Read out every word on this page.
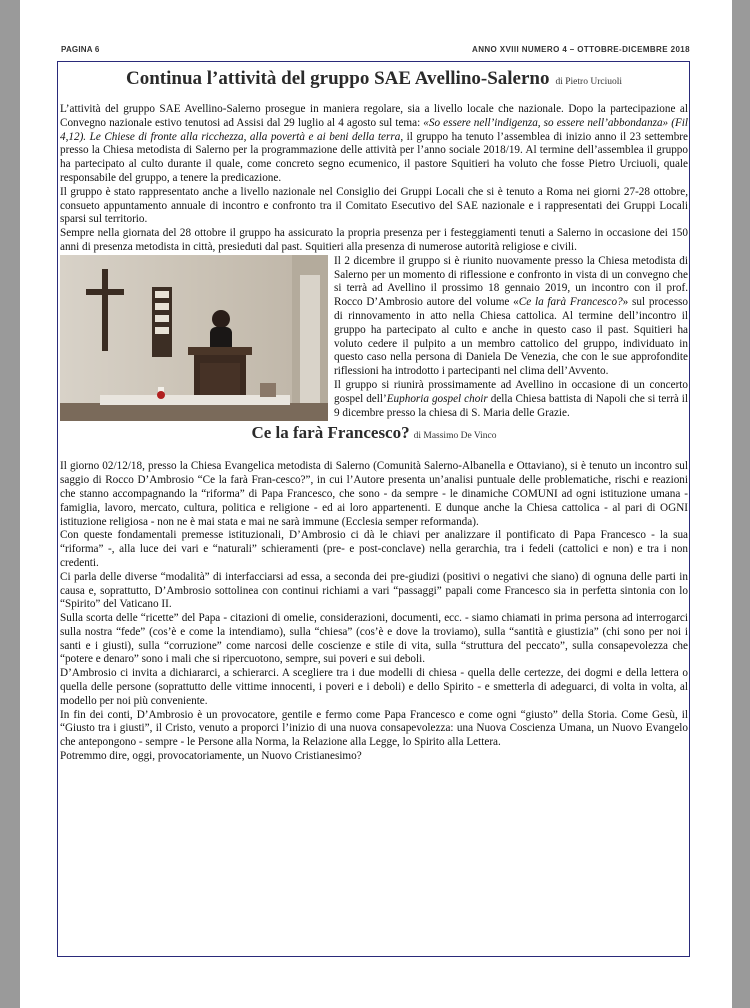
PAGINA 6	ANNO XVIII NUMERO 4 – OTTOBRE-DICEMBRE 2018
Continua l’attività del gruppo SAE Avellino-Salerno di Pietro Urciuoli

L’attività del gruppo SAE Avellino-Salerno prosegue in maniera regolare, sia a livello locale che nazionale. Dopo la partecipazione al Convegno nazionale estivo tenutosi ad Assisi dal 29 luglio al 4 agosto sul tema: «So essere nell’indigenza, so essere nell’abbondanza» (Fil 4,12). Le Chiese di fronte alla ricchezza, alla povertà e ai beni della terra, il gruppo ha tenuto l’assemblea di inizio anno il 23 settembre presso la Chiesa metodista di Salerno per la programmazione delle attività per l’anno sociale 2018/19. Al termine dell’assemblea il gruppo ha partecipato al culto durante il quale, come concreto segno ecumenico, il pastore Squitieri ha voluto che fosse Pietro Urciuoli, quale responsabile del gruppo, a tenere la predicazione.

Il gruppo è stato rappresentato anche a livello nazionale nel Consiglio dei Gruppi Locali che si è tenuto a Roma nei giorni 27-28 ottobre, consueto appuntamento annuale di incontro e confronto tra il Comitato Esecutivo del SAE nazionale e i rappresentati dei Gruppi Locali sparsi sul territorio.

Sempre nella giornata del 28 ottobre il gruppo ha assicurato la propria presenza per i festeggiamenti tenuti a Salerno in occasione dei 150 anni di presenza metodista in città, presieduti dal past. Squitieri alla presenza di numerose autorità religiose e civili.

Il 2 dicembre il gruppo si è riunito nuovamente presso la Chiesa metodista di Salerno per un momento di riflessione e confronto in vista di un convegno che si terrà ad Avellino il prossimo 18 gennaio 2019, un incontro con il prof. Rocco D’Ambrosio autore del volume «Ce la farà Francesco?» sul processo di rinnovamento in atto nella Chiesa cattolica. Al termine dell’incontro il gruppo ha partecipato al culto e anche in questo caso il past. Squitieri ha voluto cedere il pulpito a un membro cattolico del gruppo, individuato in questo caso nella persona di Daniela De Venezia, che con le sue approfondite riflessioni ha introdotto i partecipanti nel clima dell’Avvento.

Il gruppo si riunirà prossimamente ad Avellino in occasione di un concerto gospel dell’Euphoria gospel choir della Chiesa battista di Napoli che si terrà il 9 dicembre presso la chiesa di S. Maria delle Grazie.

Ce la farà Francesco? di Massimo De Vinco

Il giorno 02/12/18, presso la Chiesa Evangelica metodista di Salerno (Comunità Salerno-Albanella e Ottaviano), si è tenuto un incontro sul saggio di Rocco D’Ambrosio “Ce la farà Fran-cesco?”, in cui l’Autore presenta un’analisi puntuale delle problematiche, rischi e reazioni che stanno accompagnando la “riforma” di Papa Francesco, che sono - da sempre - le dinamiche COMUNI ad ogni istituzione umana - famiglia, lavoro, mercato, cultura, politica e religione - ed ai loro appartenenti. E dunque anche la Chiesa cattolica - al pari di OGNI istituzione religiosa - non ne è mai stata e mai ne sarà immune (Ecclesia semper reformanda).

Con queste fondamentali premesse istituzionali, D’Ambrosio ci dà le chiavi per analizzare il pontificato di Papa Francesco - la sua “riforma” -, alla luce dei vari e “naturali” schieramenti (pre- e post-conclave) nella gerarchia, tra i fedeli (cattolici e non) e tra i non credenti.

Ci parla delle diverse “modalità” di interfacciarsi ad essa, a seconda dei pre-giudizi (positivi o negativi che siano) di ognuna delle parti in causa e, soprattutto, D’Ambrosio sottolinea con continui richiami a vari “passaggi” papali come Francesco sia in perfetta sintonia con lo “Spirito” del Vaticano II.

Sulla scorta delle “ricette” del Papa - citazioni di omelie, considerazioni, documenti, ecc. - siamo chiamati in prima persona ad interrogarci sulla nostra “fede” (cos’è e come la intendiamo), sulla “chiesa” (cos’è e dove la troviamo), sulla “santità e giustizia” (chi sono per noi i santi e i giusti), sulla “corruzione” come narcosi delle coscienze e stile di vita, sulla “struttura del peccato”, sulla consapevolezza che “potere e denaro” sono i mali che si ripercuotono, sempre, sui poveri e sui deboli.

D’Ambrosio ci invita a dichiararci, a schierarci. A scegliere tra i due modelli di chiesa - quella delle certezze, dei dogmi e della lettera o quella delle persone (soprattutto delle vittime innocenti, i poveri e i deboli) e dello Spirito - e smetterla di adeguarci, di volta in volta, al modello per noi più conveniente.

In fin dei conti, D’Ambrosio è un provocatore, gentile e fermo come Papa Francesco e come ogni “giusto” della Storia. Come Gesù, il “Giusto tra i giusti”, il Cristo, venuto a proporci l’inizio di una nuova consapevolezza: una Nuova Coscienza Umana, un Nuovo Evangelo che antepongono - sempre - le Persone alla Norma, la Relazione alla Legge, lo Spirito alla Lettera.

Potremmo dire, oggi, provocatoriamente, un Nuovo Cristianesimo?
